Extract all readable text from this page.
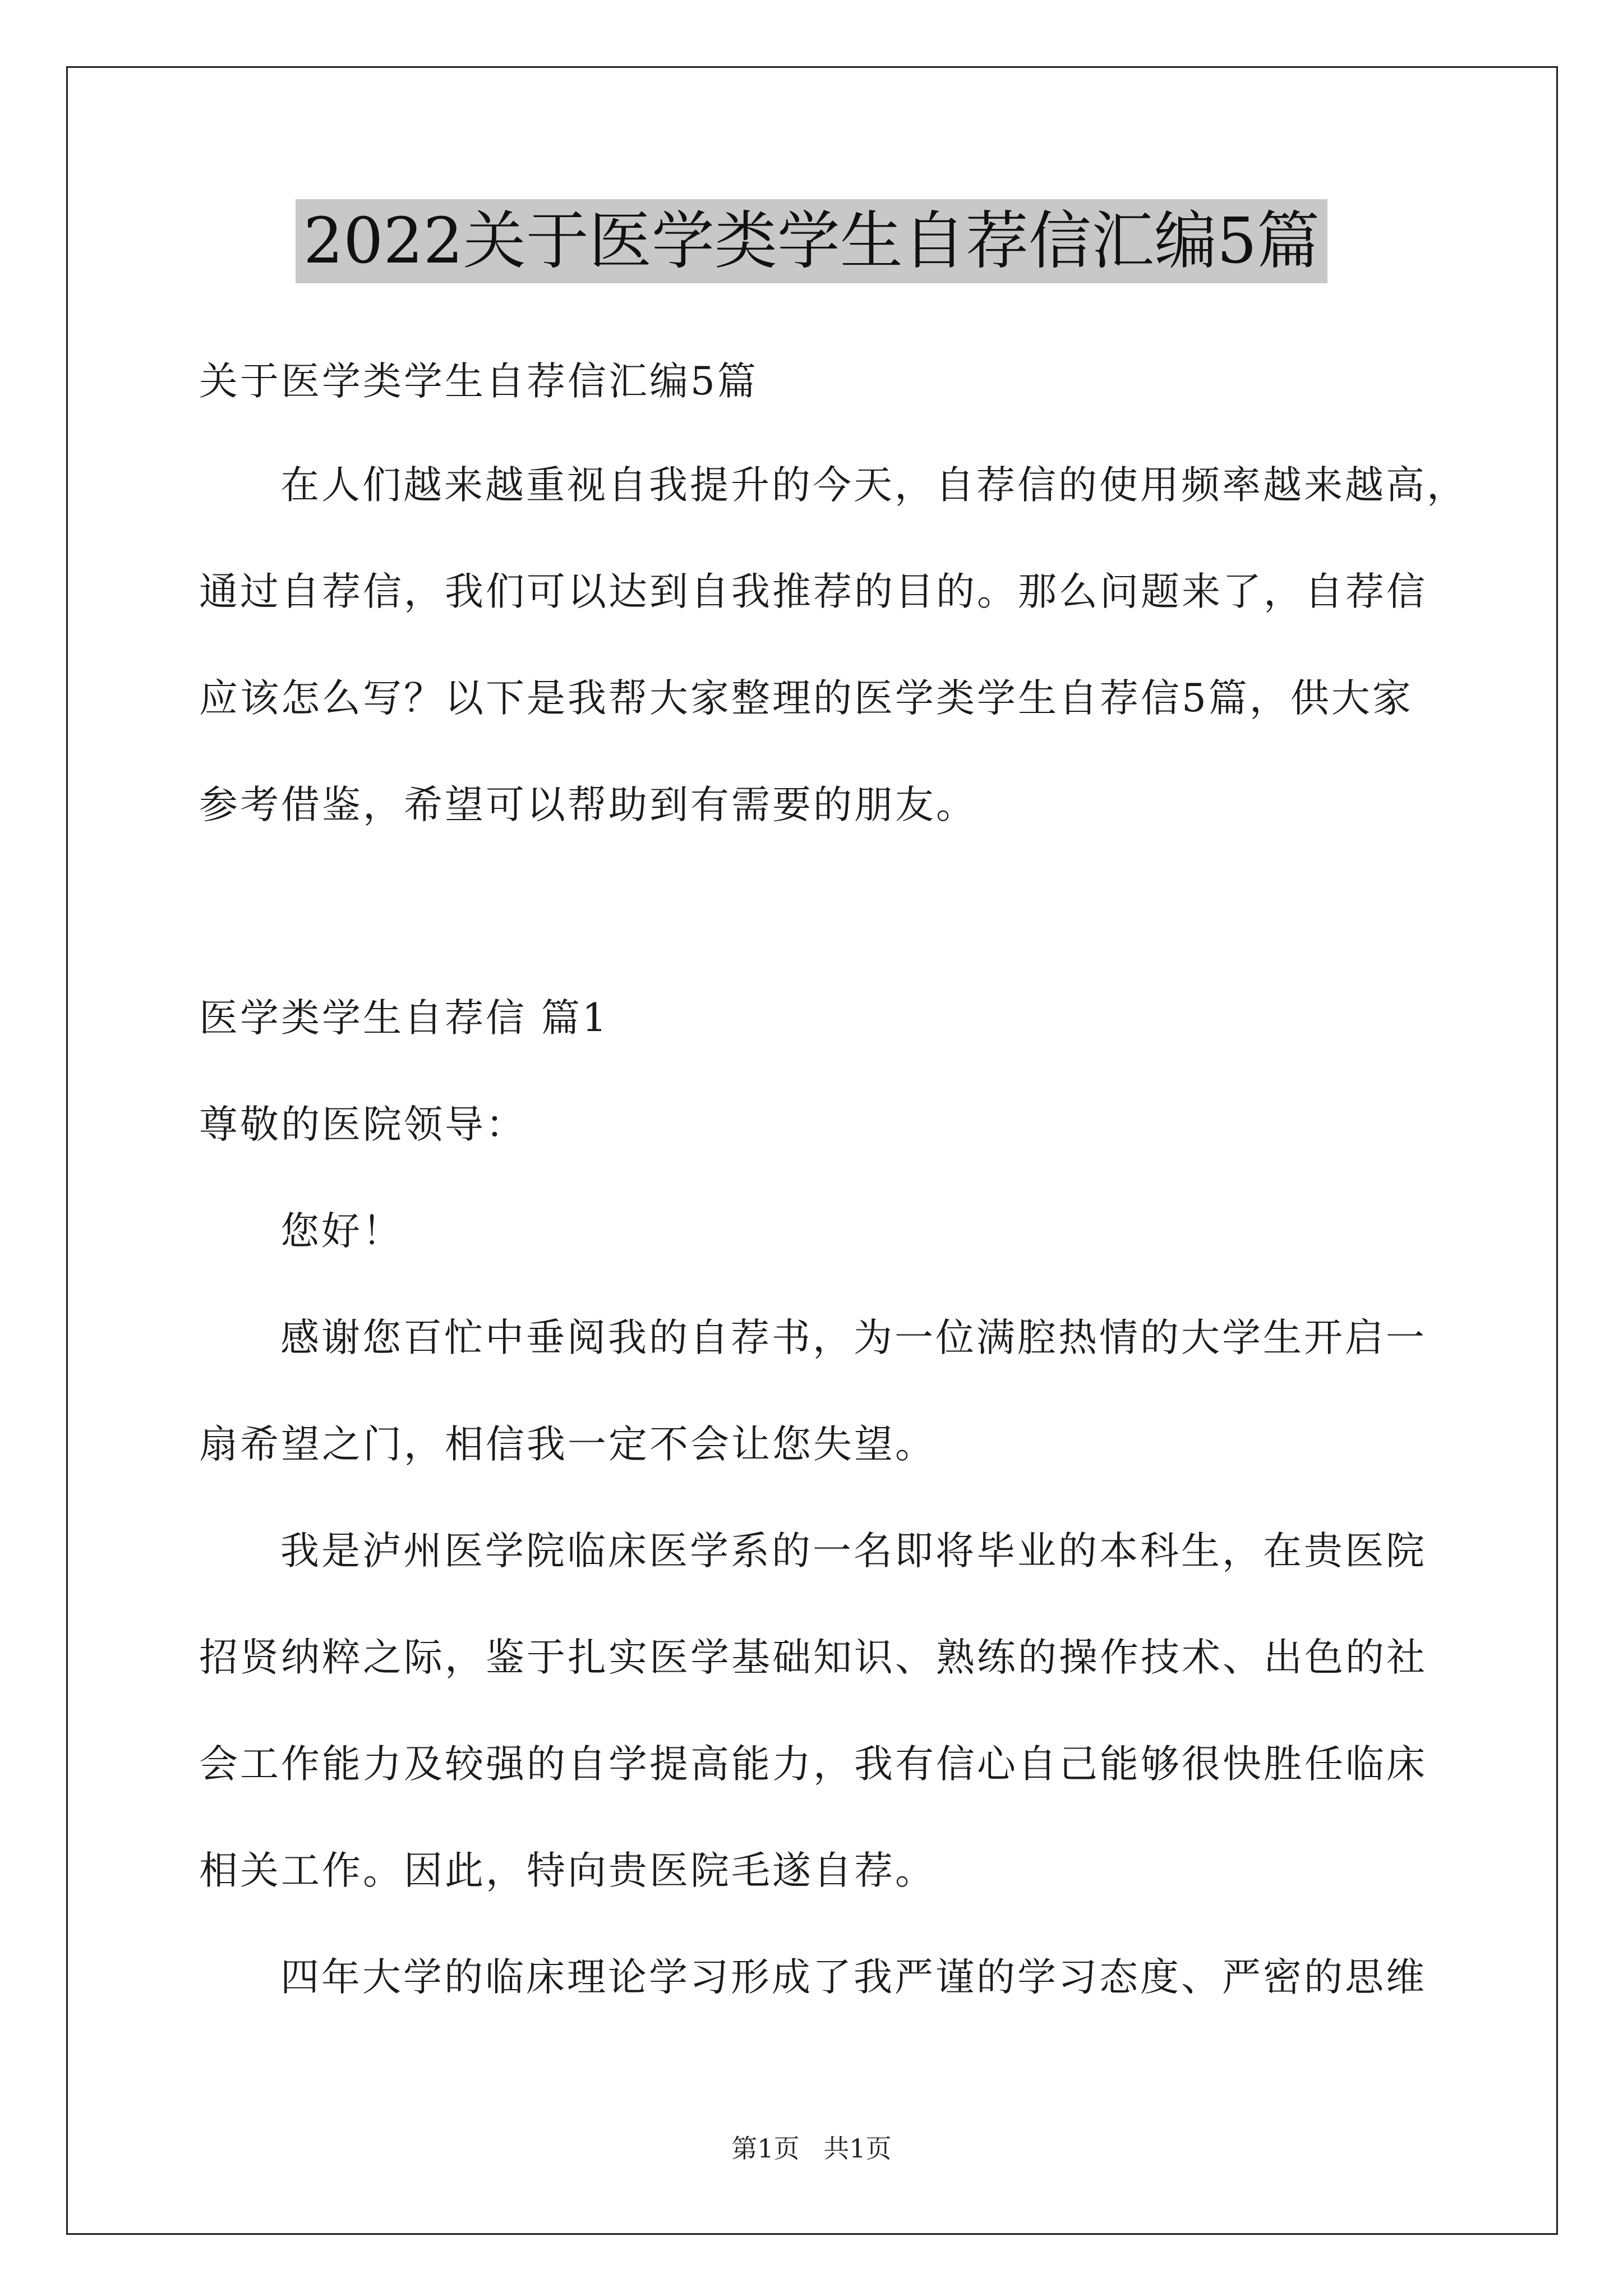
2022关于医学类学生自荐信汇编5篇
关于医学类学生自荐信汇编5篇
在人们越来越重视自我提升的今天，自荐信的使用频率越来越高，
通过自荐信，我们可以达到自我推荐的目的。那么问题来了，自荐信
应该怎么写？以下是我帮大家整理的医学类学生自荐信5篇，供大家
参考借鉴，希望可以帮助到有需要的朋友。
医学类学生自荐信 篇1
尊敬的医院领导：
您好！
感谢您百忙中垂阅我的自荐书，为一位满腔热情的大学生开启一
扇希望之门，相信我一定不会让您失望。
我是泸州医学院临床医学系的一名即将毕业的本科生，在贵医院
招贤纳粹之际，鉴于扎实医学基础知识、熟练的操作技术、出色的社
会工作能力及较强的自学提高能力，我有信心自己能够很快胜任临床
相关工作。因此，特向贵医院毛遂自荐。
四年大学的临床理论学习形成了我严谨的学习态度、严密的思维
第1页 共1页
